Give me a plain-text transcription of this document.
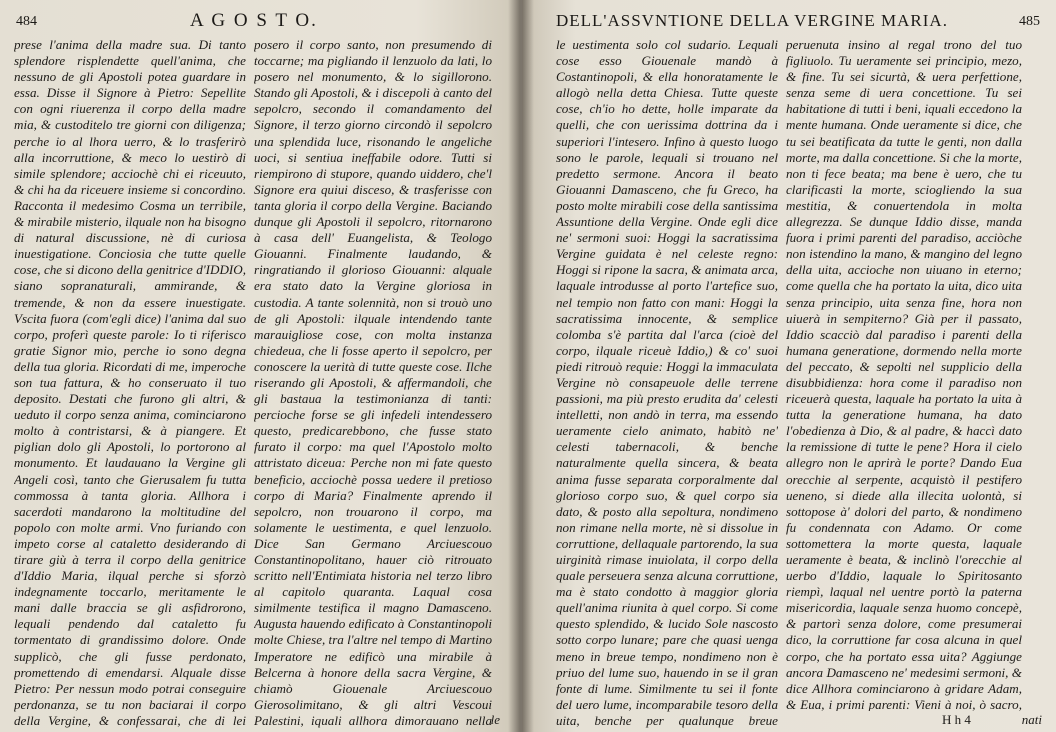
484	A G O S T O.

prese l'anima della madre sua. Di tanto splendore risplendette quell'anima, che nessuno de gli Apostoli potea guardare in essa. Disse il Signore à Pietro: Sepellite con ogni riuerenza il corpo della madre mia, & custoditelo tre giorni con diligenza; perche io al lhora uerro, & lo trasferirò alla incorruttione, & meco lo uestirò di simile splendore; acciochè chi ei riceuuto, & chi ha da riceuere insieme si concordino. Racconta il medesimo Cosma un terribile, & mirabile misterio, ilquale non ha bisogno di natural discussione, nè di curiosa inuestigatione. Conciosia che tutte quelle cose, che si dicono della genitrice d'IDDIO, siano sopranaturali, ammirande, & tremende, & non da essere inuestigate. Vscita fuora (com'egli dice) l'anima dal suo corpo, proferì queste parole: Io ti riferisco gratie Signor mio, perche io sono degna della tua gloria. Ricordati di me, imperoche son tua fattura, & ho conseruato il tuo deposito. Destati che furono gli altri, & ueduto il corpo senza anima, cominciarono molto à contristarsi, & à piangere. Et piglian dolo gli Apostoli, lo portorono al monumento. Et laudauano la Vergine gli Angeli così, tanto che Gierusalem fu tutta commossa à tanta gloria. Allhora i sacerdoti mandarono la moltitudine del popolo con molte armi. Vno furiando con impeto corse al cataletto desiderando di tirare giù à terra il corpo della genitrice d'Iddio Maria, ilqual perche si sforzò indegnamente toccarlo, meritamente le mani dalle braccia se gli asfidrorono, lequali pendendo dal cataletto fu tormentato di grandissimo dolore. Onde supplicò, che gli fusse perdonato, promettendo di emendarsi. Alquale disse Pietro: Per nessun modo potrai conseguire perdonanza, se tu non baciarai il corpo della Vergine, & confessarai, che di lei

posero il corpo santo, non presumendo di toccarne; ma pigliando il lenzuolo da lati, lo posero nel monumento, & lo sigillorono. Stando gli Apostoli, & i discepoli à canto del sepolcro, secondo il comandamento del Signore, il terzo giorno circondò il sepolcro una splendida luce, risonando le angeliche uoci, si sentiua ineffabile odore. Tutti si riempirono di stupore, quando uiddero, che'l Signore era quiui disceso, & trasferisse con tanta gloria il corpo della Vergine. Baciando dunque gli Apostoli il sepolcro, ritornarono à casa dell' Euangelista, & Teologo Giouanni. Finalmente laudando, & ringratiando il glorioso Giouanni: alquale era stato dato la Vergine gloriosa in custodia. A tante solennità, non si trouò uno de gli Apostoli: ilquale intendendo tante marauigliose cose, con molta instanza chiedeua, che li fosse aperto il sepolcro, per conoscere la uerità di tutte queste cose. Ilche riserando gli Apostoli, & affermandoli, che gli bastaua la testimonianza di tanti: percioche forse se gli infedeli intendessero questo, predicarebbono, che fusse stato furato il corpo: ma quel l'Apostolo molto attristato diceua: Perche non mi fate questo beneficio, acciochè possa uedere il pretioso corpo di Maria? Finalmente aprendo il sepolcro, non trouarono il corpo, ma solamente le uestimenta, e quel lenzuolo. Dice San Germano Arciuescouo Constantinopolitano, hauer ciò ritrouato scritto nell'Entimiata historia nel terzo libro al capitolo quaranta. Laqual cosa similmente testifica il magno Damasceno. Augusta hauendo edificato à Constantinopoli molte Chiese, tra l'altre nel tempo di Martino Imperatore ne edificò una mirabile à Belcerna à honore della sacra Vergine, & chiamò Giouenale Arciuescouo Gierosolimitano, & gli altri Vescoui Palestini, iquali allhora dimorauano nella

le
DELL'ASSVNTIONE DELLA VERGINE MARIA.	485

le uestimenta solo col sudario. Lequali cose esso Giouenale mandò à Costantinopoli, & ella honoratamente le allogò nella detta Chiesa. Tutte queste cose, ch'io ho dette, holle imparate da quelli, che con uerissima dottrina da i superiori l'intesero. Infino à questo luogo sono le parole, lequali si trouano nel predetto sermone. Ancora il beato Giouanni Damasceno, che fu Greco, ha posto molte mirabili cose della santissima Assuntione della Vergine. Onde egli dice ne' sermoni suoi: Hoggi la sacratissima Vergine guidata è nel celeste regno: Hoggi si ripone la sacra, & animata arca, laquale introdusse al porto l'artefice suo, nel tempio non fatto con mani: Hoggi la sacratissima innocente, & semplice colomba s'è partita dal l'arca (cioè del corpo, ilquale riceuè Iddio,) & co' suoi piedi ritrouò requie: Hoggi la immaculata Vergine nò consapeuole delle terrene passioni, ma più presto erudita da' celesti intelletti, non andò in terra, ma essendo ueramente cielo animato, habitò ne' celesti tabernacoli, & benche naturalmente quella sincera, & beata anima fusse separata corporalmente dal glorioso corpo suo, & quel corpo sia dato, & posto alla sepoltura, nondimeno non rimane nella morte, nè si dissolue in corruttione, dellaquale partorendo, la sua uirginità rimase inuiolata, il corpo della quale perseuera senza alcuna corruttione, ma è stato condotto à maggior gloria quell'anima riunita à quel corpo. Si come questo splendido, & lucido Sole nascosto sotto corpo lunare; pare che quasi uenga meno in breue tempo, nondimeno non è priuo del lume suo, hauendo in se il gran fonte di lume. Similmente tu sei il fonte del uero lume, incomparabile tesoro della uita, benche per qualunque breue

peruenuta insino al regal trono del tuo figliuolo. Tu ueramente sei principio, mezo, & fine. Tu sei sicurtà, & uera perfettione, senza seme di uera concettione. Tu sei habitatione di tutti i beni, iquali eccedono la mente humana. Onde ueramente si dice, che tu sei beatificata da tutte le genti, non dalla morte, ma dalla concettione. Si che la morte, non ti fece beata; ma bene è uero, che tu clarificasti la morte, sciogliendo la sua mestitia, & conuertendola in molta allegrezza. Se dunque Iddio disse, manda fuora i primi parenti del paradiso, acciòche non istendino la mano, & mangino del legno della uita, accioche non uiuano in eterno; come quella che ha portato la uita, dico uita senza principio, uita senza fine, hora non uiuerà in sempiterno? Già per il passato, Iddio scacciò dal paradiso i parenti della humana generatione, dormendo nella morte del peccato, & sepolti nel supplicio della disubbidienza: hora come il paradiso non riceuerà questa, laquale ha portato la uita à tutta la generatione humana, ha dato l'obedienza à Dio, & al padre, & haccì dato la remissione di tutte le pene? Hora il cielo allegro non le aprirà le porte? Dando Eua orecchie al serpente, acquistò il pestifero ueneno, si diede alla illecita uolontà, si sottopose à' dolori del parto, & nondimeno fu condennata con Adamo. Or come sottomettera la morte questa, laquale ueramente è beata, & inclinò l'orecchie al uerbo d'Iddio, laquale lo Spiritosanto riempì, laqual nel uentre portò la paterna misericordia, laquale senza huomo concepè, & partorì senza dolore, come presumerai dico, la corruttione far cosa alcuna in quel corpo, che ha portato essa uita? Aggiunge ancora Damasceno ne' medesimi sermoni, & dice Allhora cominciarono à gridare Adam, & Eua, i primi parenti: Vieni à noi, ò sacro,

H h 4	nati
